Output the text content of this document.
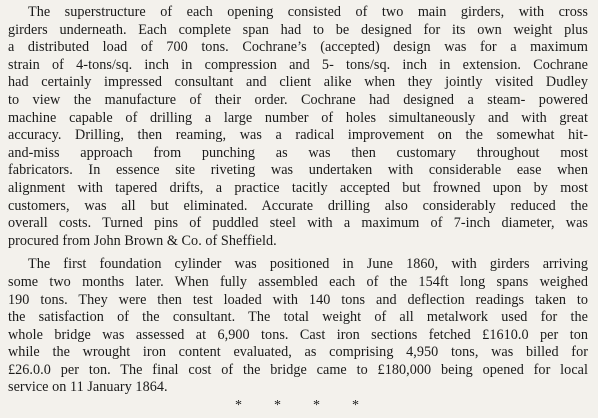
The superstructure of each opening consisted of two main girders, with cross
girders underneath. Each complete span had to be designed for its own weight plus
a distributed load of 700 tons. Cochrane’s (accepted) design was for a maximum
strain of 4-tons/sq. inch in compression and 5- tons/sq. inch in extension. Cochrane
had certainly impressed consultant and client alike when they jointly visited Dudley
to view the manufacture of their order. Cochrane had designed a steam- powered
machine capable of drilling a large number of holes simultaneously and with great
accuracy. Drilling, then reaming, was a radical improvement on the somewhat hit-
and-miss approach from punching as was then customary throughout most
fabricators. In essence site riveting was undertaken with considerable ease when
alignment with tapered drifts, a practice tacitly accepted but frowned upon by most
customers, was all but eliminated. Accurate drilling also considerably reduced the
overall costs. Turned pins of puddled steel with a maximum of 7-inch diameter, was
procured from John Brown & Co. of Sheffield.
The first foundation cylinder was positioned in June 1860, with girders arriving
some two months later. When fully assembled each of the 154ft long spans weighed
190 tons. They were then test loaded with 140 tons and deflection readings taken to
the satisfaction of the consultant. The total weight of all metalwork used for the
whole bridge was assessed at 6,900 tons. Cast iron sections fetched £1610.0 per ton
while the wrought iron content evaluated, as comprising 4,950 tons, was billed for
£26.0.0 per ton. The final cost of the bridge came to £180,000 being opened for local
service on 11 January 1864.
* * * *
